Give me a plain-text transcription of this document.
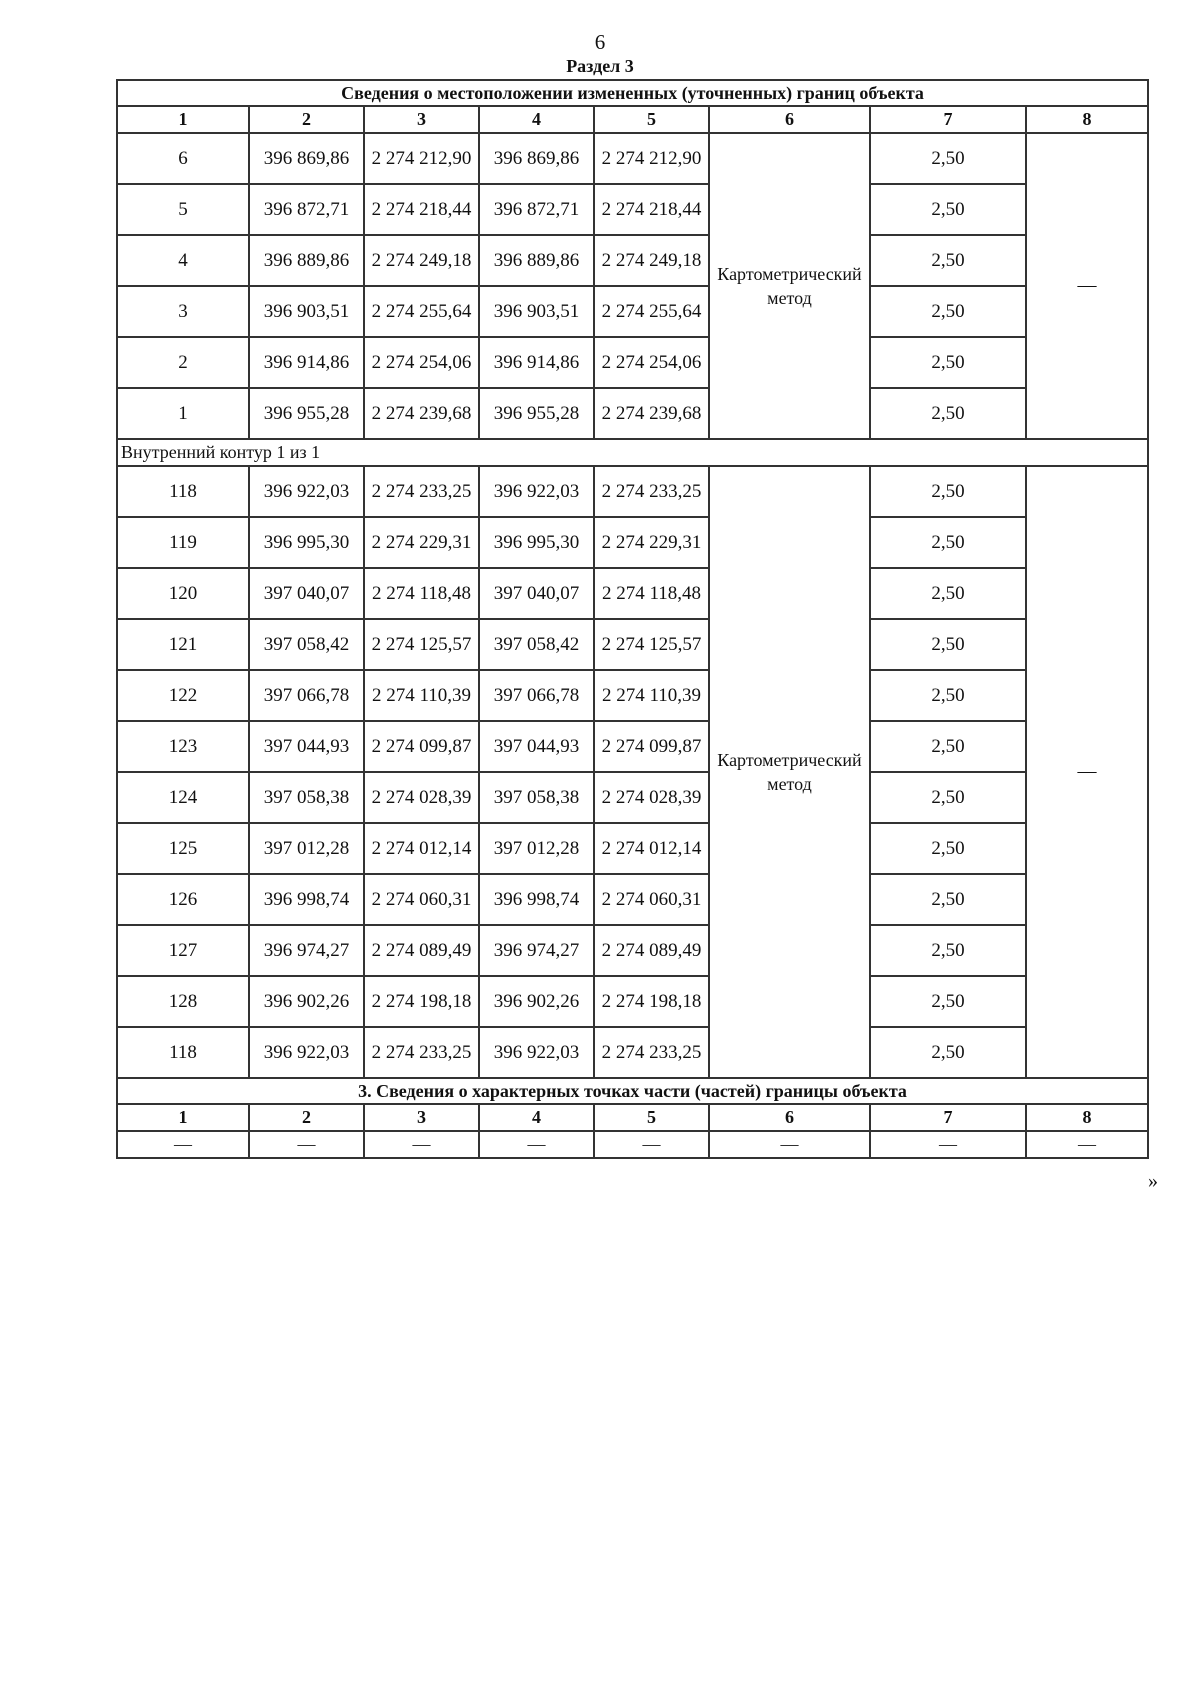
6
Раздел 3
Сведения о местоположении измененных (уточненных) границ объекта							
1	2	3	4	5	6	7	8
6	396 869,86	2 274 212,90	396 869,86	2 274 212,90	Картометрический метод	2,50	—
5	396 872,71	2 274 218,44	396 872,71	2 274 218,44		2,50	
4	396 889,86	2 274 249,18	396 889,86	2 274 249,18		2,50	
3	396 903,51	2 274 255,64	396 903,51	2 274 255,64		2,50	
2	396 914,86	2 274 254,06	396 914,86	2 274 254,06		2,50	
1	396 955,28	2 274 239,68	396 955,28	2 274 239,68		2,50	
Внутренний контур 1 из 1							
118	396 922,03	2 274 233,25	396 922,03	2 274 233,25	Картометрический метод	2,50	—
119	396 995,30	2 274 229,31	396 995,30	2 274 229,31		2,50	
120	397 040,07	2 274 118,48	397 040,07	2 274 118,48		2,50	
121	397 058,42	2 274 125,57	397 058,42	2 274 125,57		2,50	
122	397 066,78	2 274 110,39	397 066,78	2 274 110,39		2,50	
123	397 044,93	2 274 099,87	397 044,93	2 274 099,87		2,50	
124	397 058,38	2 274 028,39	397 058,38	2 274 028,39		2,50	
125	397 012,28	2 274 012,14	397 012,28	2 274 012,14		2,50	
126	396 998,74	2 274 060,31	396 998,74	2 274 060,31		2,50	
127	396 974,27	2 274 089,49	396 974,27	2 274 089,49		2,50	
128	396 902,26	2 274 198,18	396 902,26	2 274 198,18		2,50	
118	396 922,03	2 274 233,25	396 922,03	2 274 233,25		2,50	
3. Сведения о характерных точках части (частей) границы объекта							
1	2	3	4	5	6	7	8
—	—	—	—	—	—	—	—
»
